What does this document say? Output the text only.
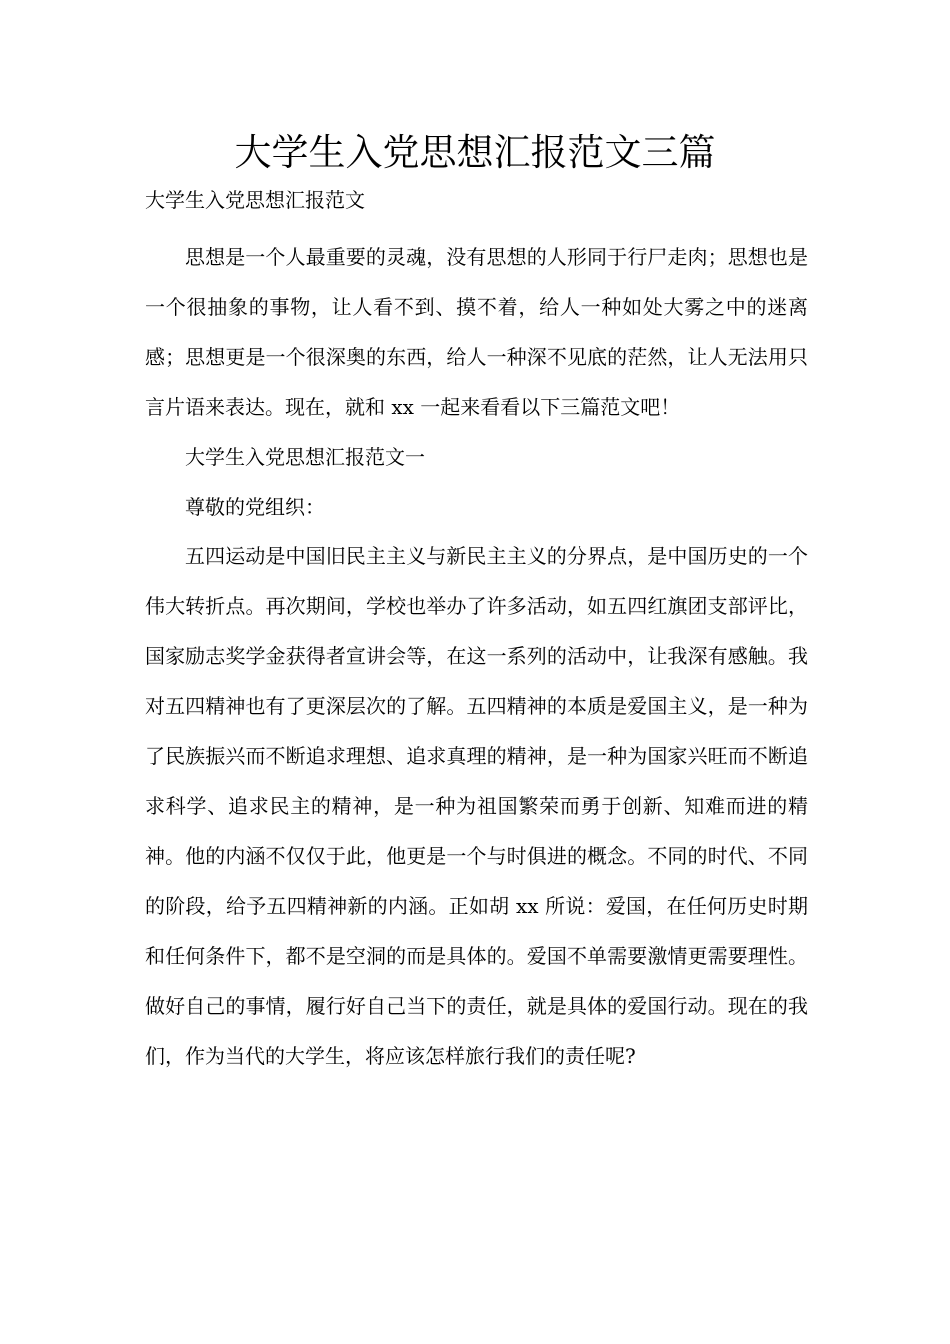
大学生入党思想汇报范文三篇

大学生入党思想汇报范文

思想是一个人最重要的灵魂，没有思想的人形同于行尸走肉；思想也是一个很抽象的事物，让人看不到、摸不着，给人一种如处大雾之中的迷离感；思想更是一个很深奥的东西，给人一种深不见底的茫然，让人无法用只言片语来表达。现在，就和 xx 一起来看看以下三篇范文吧！

大学生入党思想汇报范文一

尊敬的党组织：

五四运动是中国旧民主主义与新民主主义的分界点，是中国历史的一个伟大转折点。再次期间，学校也举办了许多活动，如五四红旗团支部评比，国家励志奖学金获得者宣讲会等，在这一系列的活动中，让我深有感触。我对五四精神也有了更深层次的了解。五四精神的本质是爱国主义，是一种为了民族振兴而不断追求理想、追求真理的精神，是一种为国家兴旺而不断追求科学、追求民主的精神，是一种为祖国繁荣而勇于创新、知难而进的精神。他的内涵不仅仅于此，他更是一个与时俱进的概念。不同的时代、不同的阶段，给予五四精神新的内涵。正如胡 xx 所说：爱国，在任何历史时期和任何条件下，都不是空洞的而是具体的。爱国不单需要激情更需要理性。做好自己的事情，履行好自己当下的责任，就是具体的爱国行动。现在的我们，作为当代的大学生，将应该怎样旅行我们的责任呢?
